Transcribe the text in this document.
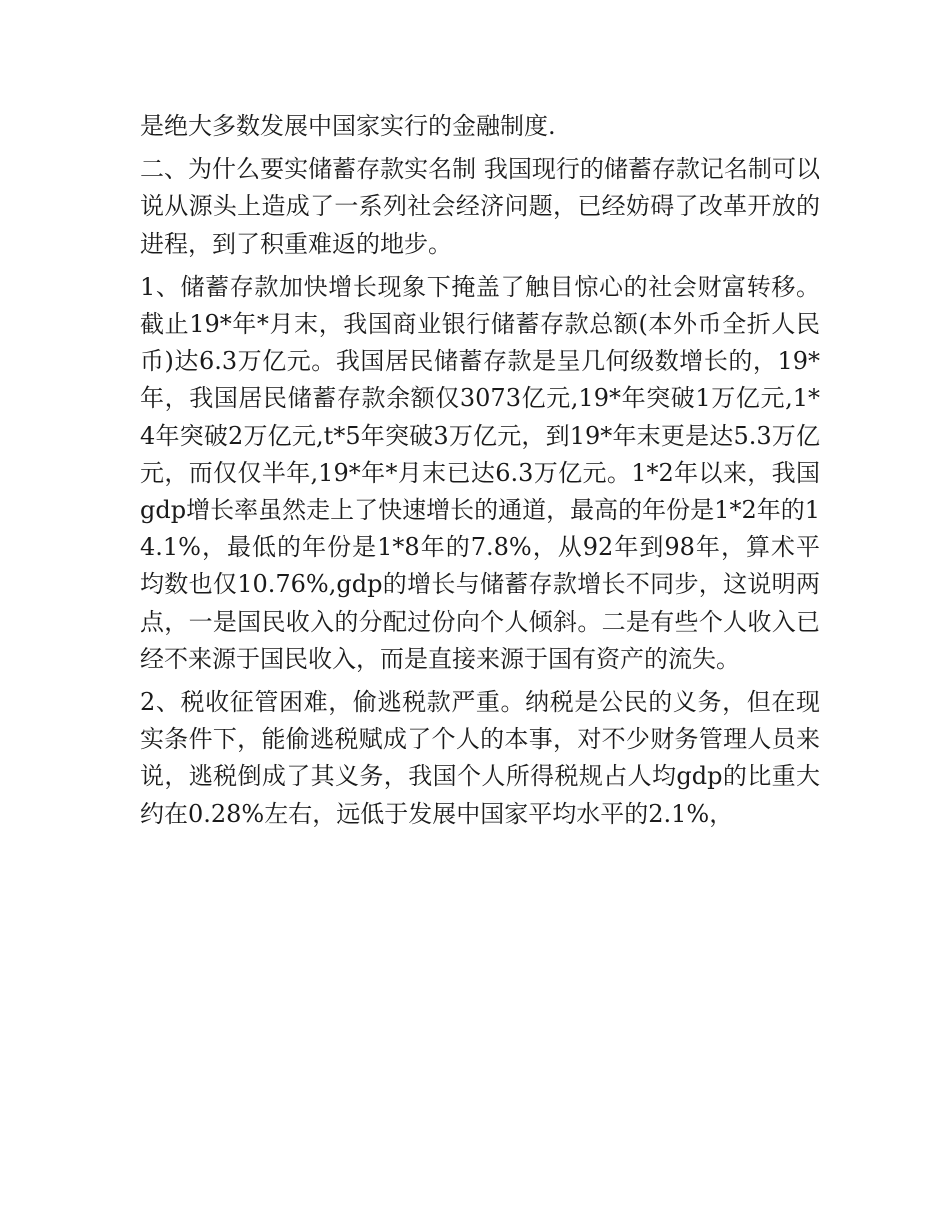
是绝大多数发展中国家实行的金融制度.

二、为什么要实储蓄存款实名制 我国现行的储蓄存款记名制可以说从源头上造成了一系列社会经济问题，已经妨碍了改革开放的进程，到了积重难返的地步。

1、储蓄存款加快增长现象下掩盖了触目惊心的社会财富转移。截止19*年*月末，我国商业银行储蓄存款总额(本外币全折人民币)达6.3万亿元。我国居民储蓄存款是呈几何级数增长的，19*年，我国居民储蓄存款余额仅3073亿元,19*年突破1万亿元,1*4年突破2万亿元,t*5年突破3万亿元，到19*年末更是达5.3万亿元，而仅仅半年,19*年*月末已达6.3万亿元。1*2年以来，我国gdp增长率虽然走上了快速增长的通道，最高的年份是1*2年的14.1%，最低的年份是1*8年的7.8%，从92年到98年，算术平均数也仅10.76%,gdp的增长与储蓄存款增长不同步，这说明两点，一是国民收入的分配过份向个人倾斜。二是有些个人收入已经不来源于国民收入，而是直接来源于国有资产的流失。

2、税收征管困难，偷逃税款严重。纳税是公民的义务，但在现实条件下，能偷逃税赋成了个人的本事，对不少财务管理人员来说，逃税倒成了其义务，我国个人所得税规占人均gdp的比重大约在0.28%左右，远低于发展中国家平均水平的2.1%，
